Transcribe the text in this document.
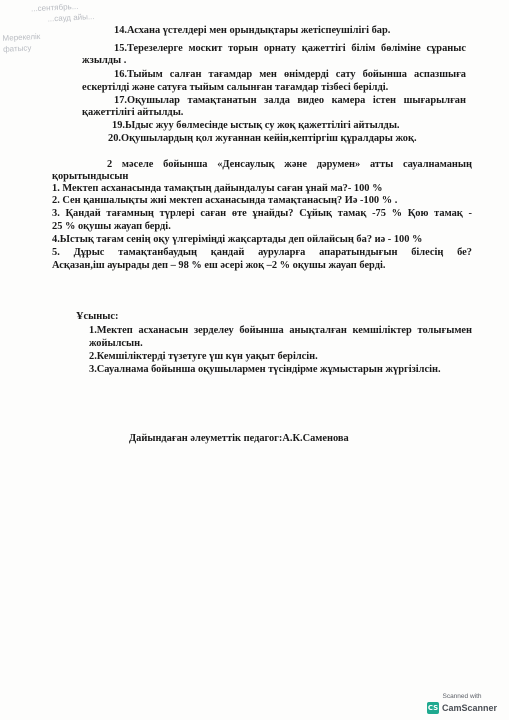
...сентябрь...
...сауд айы...
Мерекелік
фатысу
14.Асхана үстелдері мен орындықтары жетіспеушілігі бар.
15.Терезелерге москит торын орнату қажеттігі білім бөліміне сұраныс
жзылды .
16.Тыйым салған тағамдар мен өнімдерді сату бойынша аспазшыға
ескертілді және сатуға тыйым салынған тағамдар тізбесі берілді.
17.Оқушылар тамақтанатын залда видео камера істен шығарылған
қажеттілігі айтылды.
19.Ыдыс жуу бөлмесінде ыстық су жоқ қажеттілігі айтылды.
20.Оқушылардың қол жуғаннан кейін,кептіргіш құралдары жоқ.
2 мәселе бойынша «Денсаулық және дәрумен» атты сауалнаманың
қорытындысын
1. Мектеп асханасында тамақтың дайындалуы саған ұнай ма?- 100 %
2. Сен қаншалықты жиі мектеп асханасында тамақтанасың? Иә -100 % .
3. Қандай тағамның түрлері саған өте ұнайды? Сұйық тамақ -75 % Қою тамақ -
25 % оқушы жауап берді.
4.Ыстық тағам сенің оқу үлгеріміңді жақсартады деп ойлайсың ба? иә - 100 %
5. Дұрыс тамақтанбаудың қандай ауруларға апаратындығын білесің бе?
Асқазан,іш ауырады деп – 98 % еш әсері жоқ –2 % оқушы жауап берді.
Ұсыныс:
1.Мектеп асханасын зерделеу бойынша анықталған кемшіліктер толығымен
жойылсын.
2.Кемшіліктерді түзетуге үш күн уақыт берілсін.
3.Сауалнама бойынша оқушылармен түсіндірме жұмыстарын жүргізілсін.
Дайындаған әлеуметтік педагог:А.К.Саменова
Scanned with
CS CamScanner
